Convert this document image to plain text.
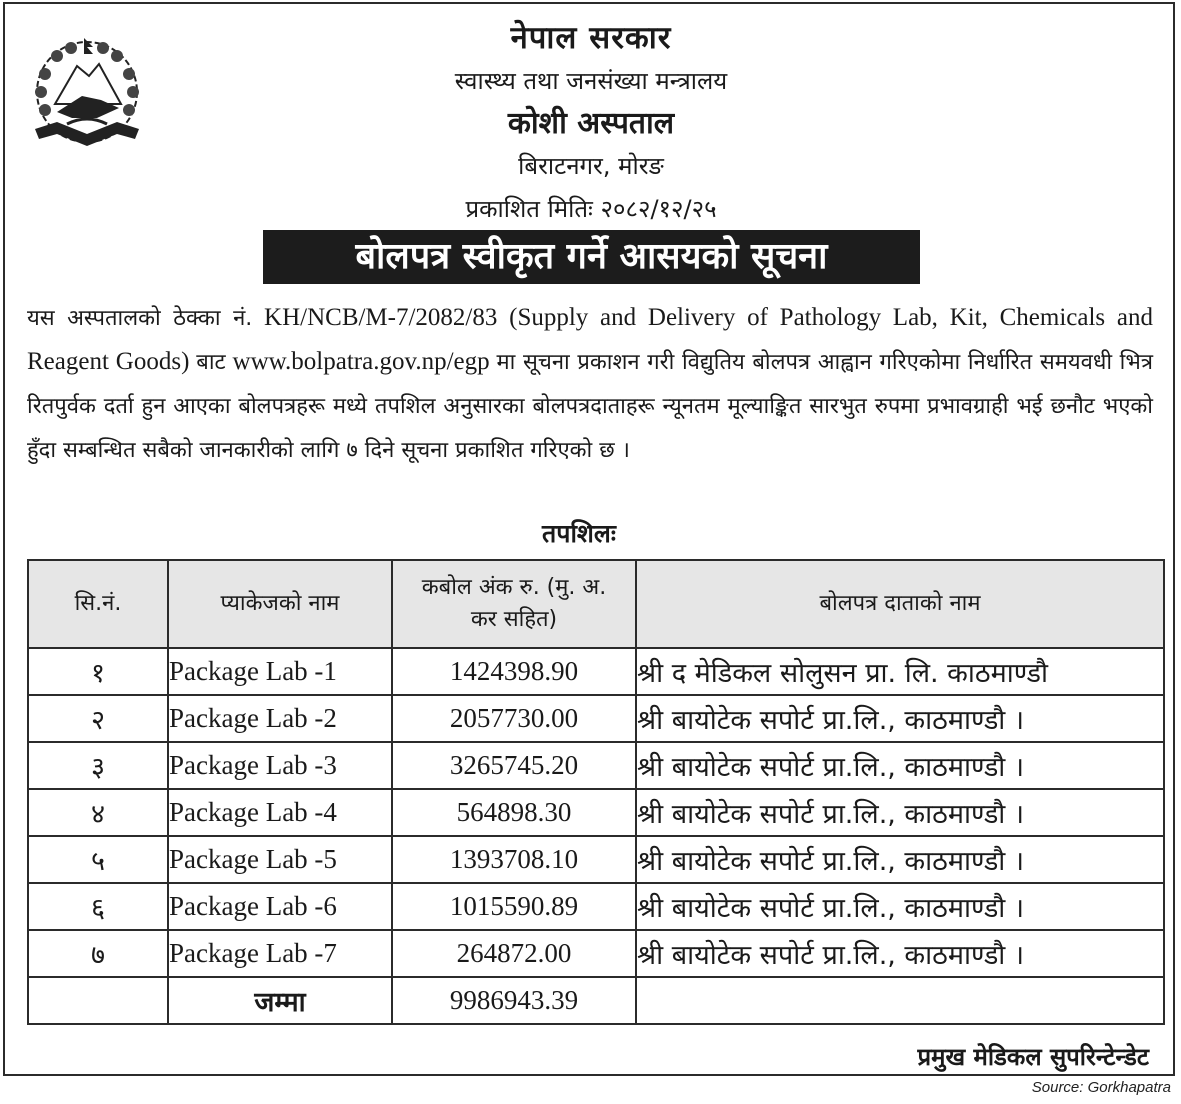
नेपाल सरकार
स्वास्थ्य तथा जनसंख्या मन्त्रालय
कोशी अस्पताल
बिराटनगर, मोरङ
प्रकाशित मितिः २०८२/१२/२५
बोलपत्र स्वीकृत गर्ने आसयको सूचना
यस अस्पतालको ठेक्का नं. KH/NCB/M-7/2082/83 (Supply and Delivery of Pathology Lab, Kit, Chemicals and Reagent Goods) बाट www.bolpatra.gov.np/egp मा सूचना प्रकाशन गरी विद्युतिय बोलपत्र आह्वान गरिएकोमा निर्धारित समयवधी भित्र रितपुर्वक दर्ता हुन आएका बोलपत्रहरू मध्ये तपशिल अनुसारका बोलपत्रदाताहरू न्यूनतम मूल्याङ्कित सारभुत रुपमा प्रभावग्राही भई छनौट भएको हुँदा सम्बन्धित सबैको जानकारीको लागि ७ दिने सूचना प्रकाशित गरिएको छ ।
तपशिलः
सि.नं.	प्याकेजको नाम	कबोल अंक रु. (मु. अ. कर सहित)	बोलपत्र दाताको नाम
१	Package Lab -1	1424398.90	श्री द मेडिकल सोलुसन प्रा. लि. काठमाण्डौ
२	Package Lab -2	2057730.00	श्री बायोटेक सपोर्ट प्रा.लि., काठमाण्डौ ।
३	Package Lab -3	3265745.20	श्री बायोटेक सपोर्ट प्रा.लि., काठमाण्डौ ।
४	Package Lab -4	564898.30	श्री बायोटेक सपोर्ट प्रा.लि., काठमाण्डौ ।
५	Package Lab -5	1393708.10	श्री बायोटेक सपोर्ट प्रा.लि., काठमाण्डौ ।
६	Package Lab -6	1015590.89	श्री बायोटेक सपोर्ट प्रा.लि., काठमाण्डौ ।
७	Package Lab -7	264872.00	श्री बायोटेक सपोर्ट प्रा.लि., काठमाण्डौ ।
	जम्मा	9986943.39	
प्रमुख मेडिकल सुपरिन्टेन्डेट
Source: Gorkhapatra
